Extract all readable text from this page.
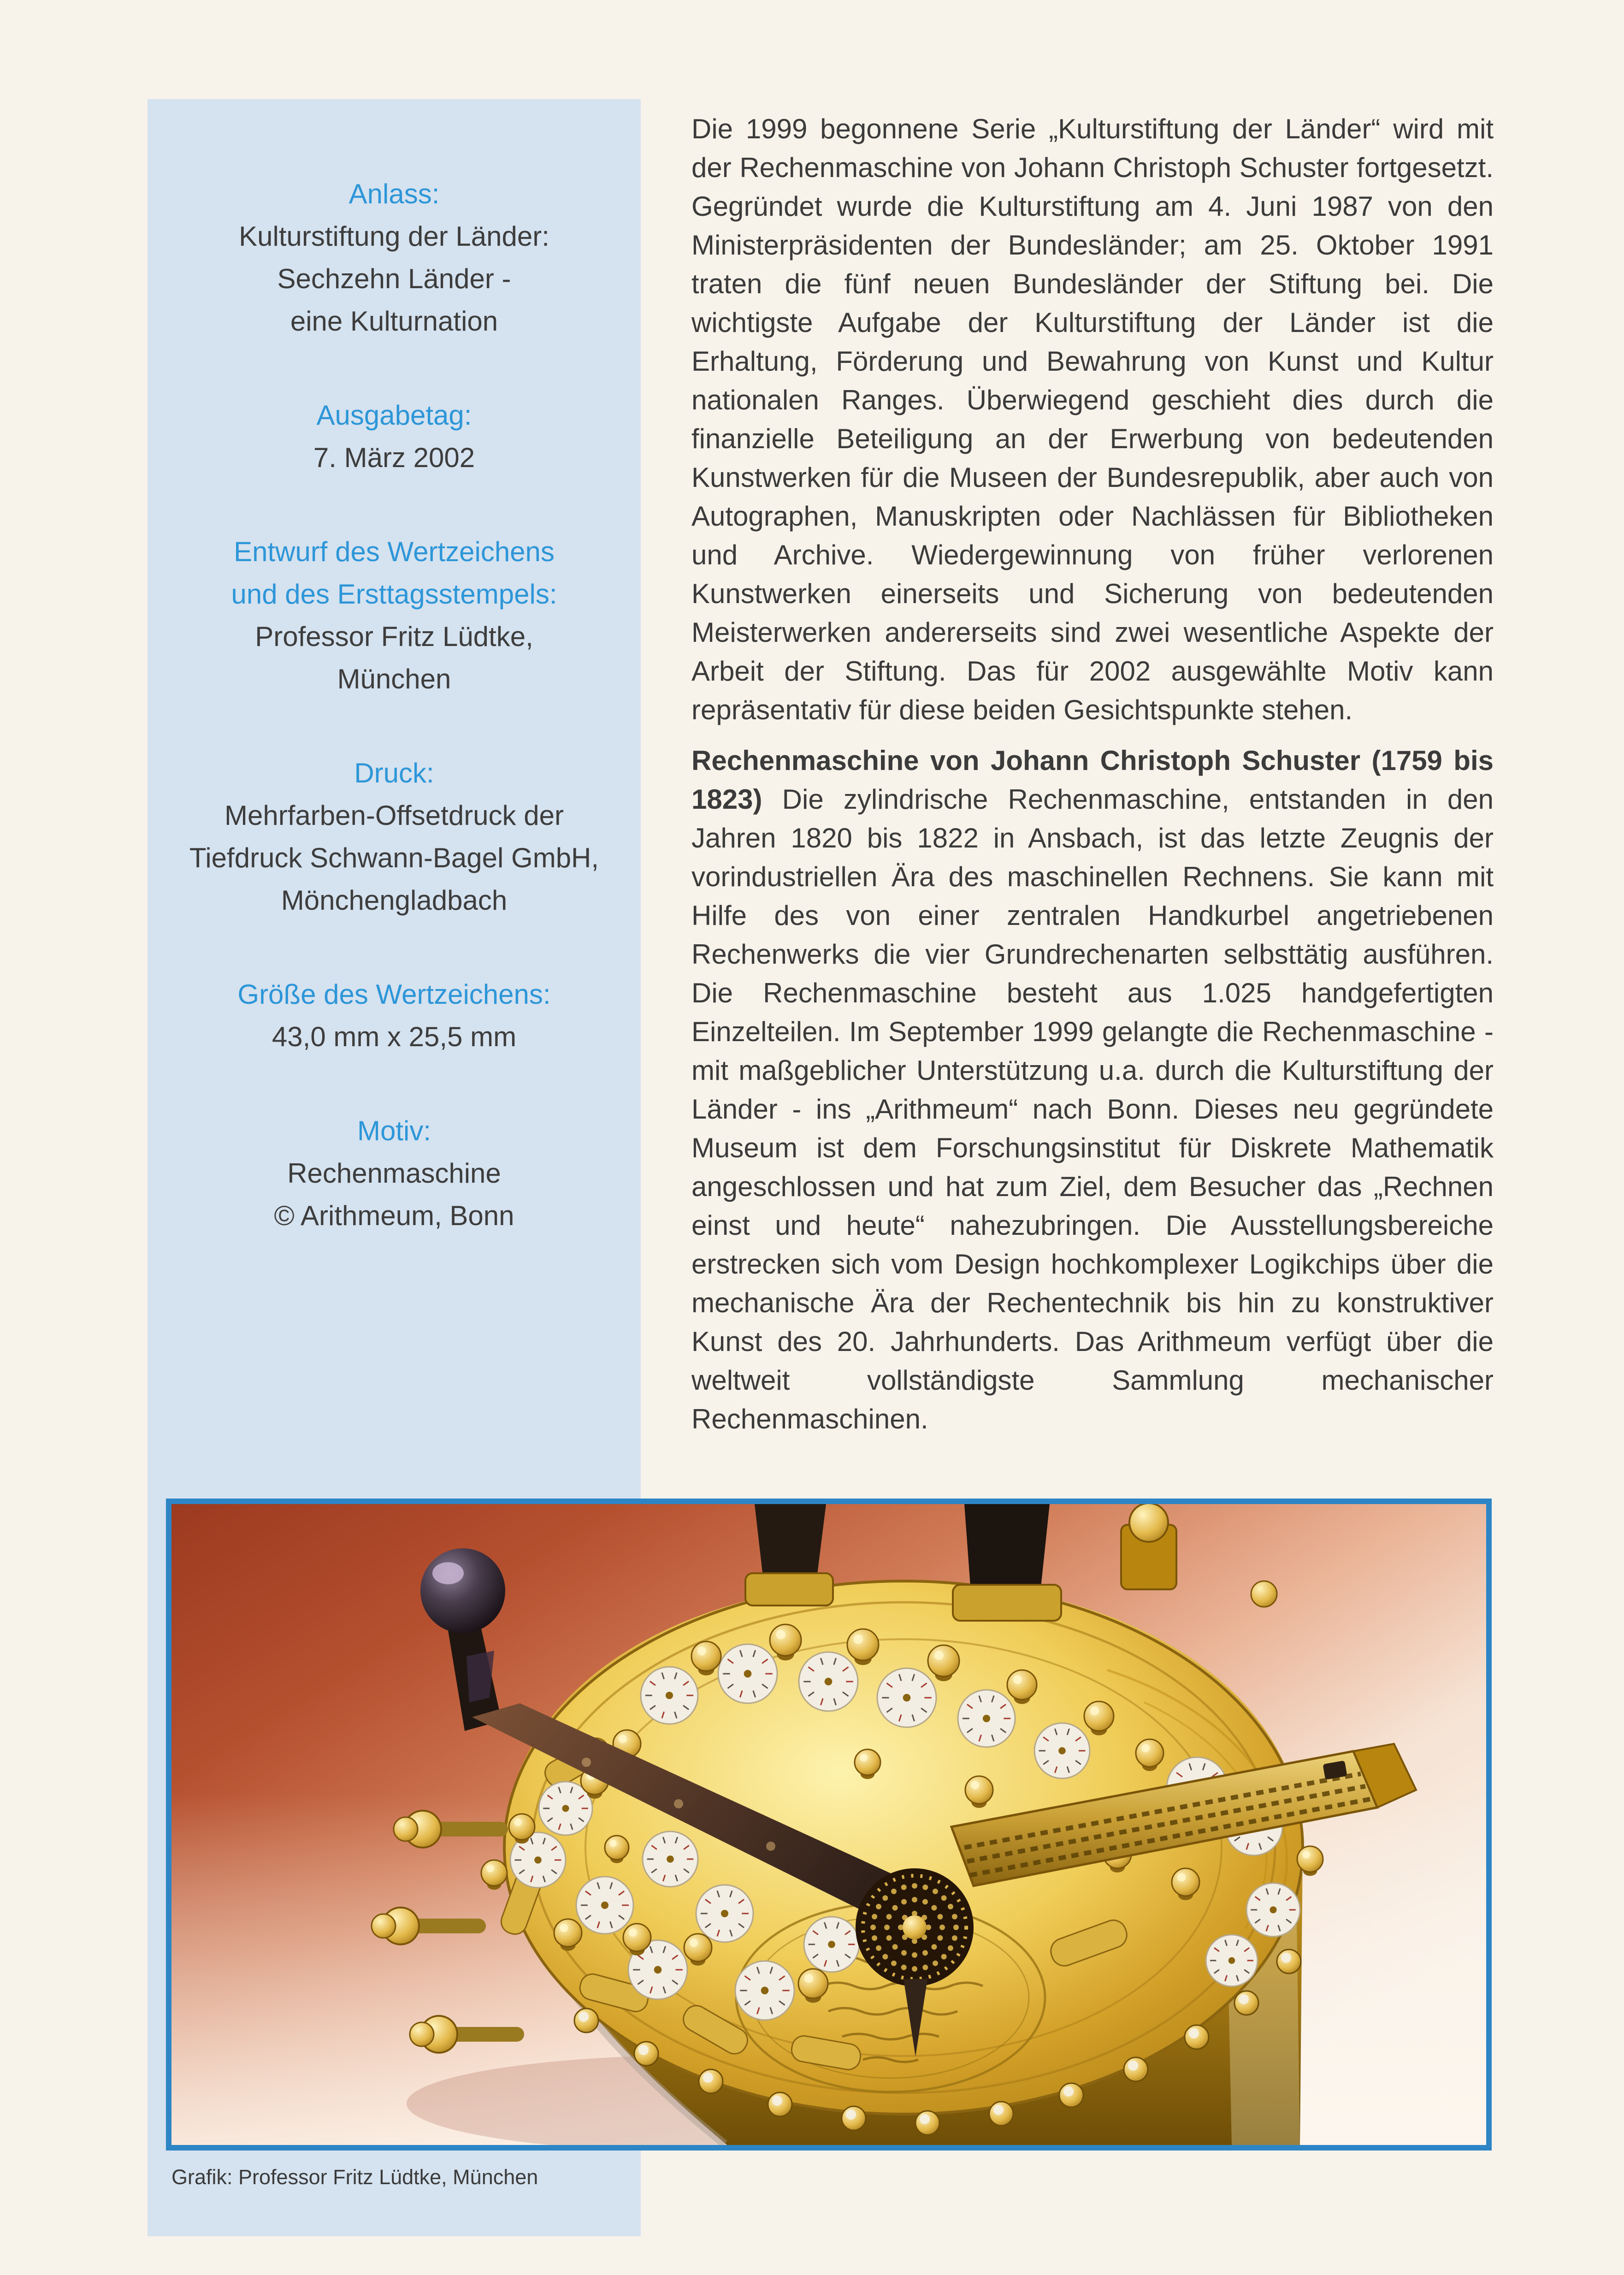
Anlass:
Kulturstiftung der Länder:
Sechzehn Länder -
eine Kulturnation
Ausgabetag:
7. März 2002
Entwurf des Wertzeichens
und des Ersttagsstempels:
Professor Fritz Lüdtke,
München
Druck:
Mehrfarben-Offsetdruck der
Tiefdruck Schwann-Bagel GmbH,
Mönchengladbach
Größe des Wertzeichens:
43,0 mm x 25,5 mm
Motiv:
Rechenmaschine
© Arithmeum, Bonn

Die 1999 begonnene Serie „Kulturstiftung der Länder“ wird mit der Rechenmaschine von Johann Christoph Schuster fortgesetzt. Gegründet wurde die Kulturstiftung am 4. Juni 1987 von den Ministerpräsidenten der Bundesländer; am 25. Oktober 1991 traten die fünf neuen Bundesländer der Stiftung bei. Die wichtigste Aufgabe der Kulturstiftung der Länder ist die Erhaltung, Förderung und Bewahrung von Kunst und Kultur nationalen Ranges. Überwiegend geschieht dies durch die finanzielle Beteiligung an der Erwerbung von bedeutenden Kunstwerken für die Museen der Bundesrepublik, aber auch von Autographen, Manuskripten oder Nachlässen für Bibliotheken und Archive. Wiedergewinnung von früher verlorenen Kunstwerken einerseits und Sicherung von bedeutenden Meisterwerken andererseits sind zwei wesentliche Aspekte der Arbeit der Stiftung. Das für 2002 ausgewählte Motiv kann repräsentativ für diese beiden Gesichtspunkte stehen.

Rechenmaschine von Johann Christoph Schuster (1759 bis 1823) Die zylindrische Rechenmaschine, entstanden in den Jahren 1820 bis 1822 in Ansbach, ist das letzte Zeugnis der vorindustriellen Ära des maschinellen Rechnens. Sie kann mit Hilfe des von einer zentralen Handkurbel angetriebenen Rechenwerks die vier Grundrechenarten selbsttätig ausführen. Die Rechenmaschine besteht aus 1.025 handgefertigten Einzelteilen. Im September 1999 gelangte die Rechenmaschine - mit maßgeblicher Unterstützung u.a. durch die Kulturstiftung der Länder - ins „Arithmeum“ nach Bonn. Dieses neu gegründete Museum ist dem Forschungsinstitut für Diskrete Mathematik angeschlossen und hat zum Ziel, dem Besucher das „Rechnen einst und heute“ nahezubringen. Die Ausstellungsbereiche erstrecken sich vom Design hochkomplexer Logikchips über die mechanische Ära der Rechentechnik bis hin zu konstruktiver Kunst des 20. Jahrhunderts. Das Arithmeum verfügt über die weltweit vollständigste Sammlung mechanischer Rechenmaschinen.

Grafik: Professor Fritz Lüdtke, München
